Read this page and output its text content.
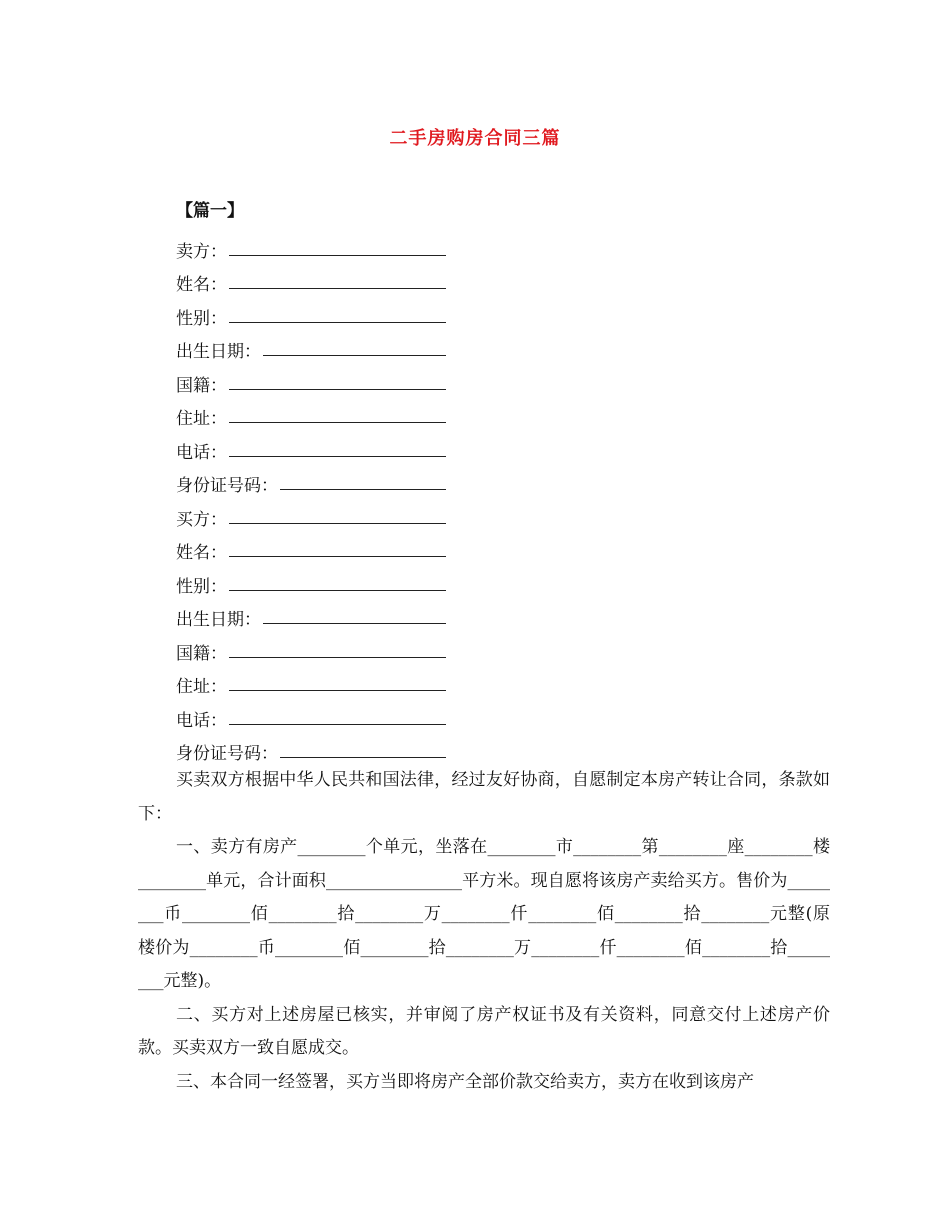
二手房购房合同三篇
【篇一】
卖方：
姓名：
性别：
出生日期：
国籍：
住址：
电话：
身份证号码：
买方：
姓名：
性别：
出生日期：
国籍：
住址：
电话：
身份证号码：

买卖双方根据中华人民共和国法律，经过友好协商，自愿制定本房产转让合同，条款如下：

一、卖方有房产________个单元，坐落在________市________第________座________楼________单元，合计面积________________平方米。现自愿将该房产卖给买方。售价为________币________佰________拾________万________仟________佰________拾________元整(原楼价为________币________佰________拾________万________仟________佰________拾________元整)。

二、买方对上述房屋已核实，并审阅了房产权证书及有关资料，同意交付上述房产价款。买卖双方一致自愿成交。

三、本合同一经签署，买方当即将房产全部价款交给卖方，卖方在收到该房产
